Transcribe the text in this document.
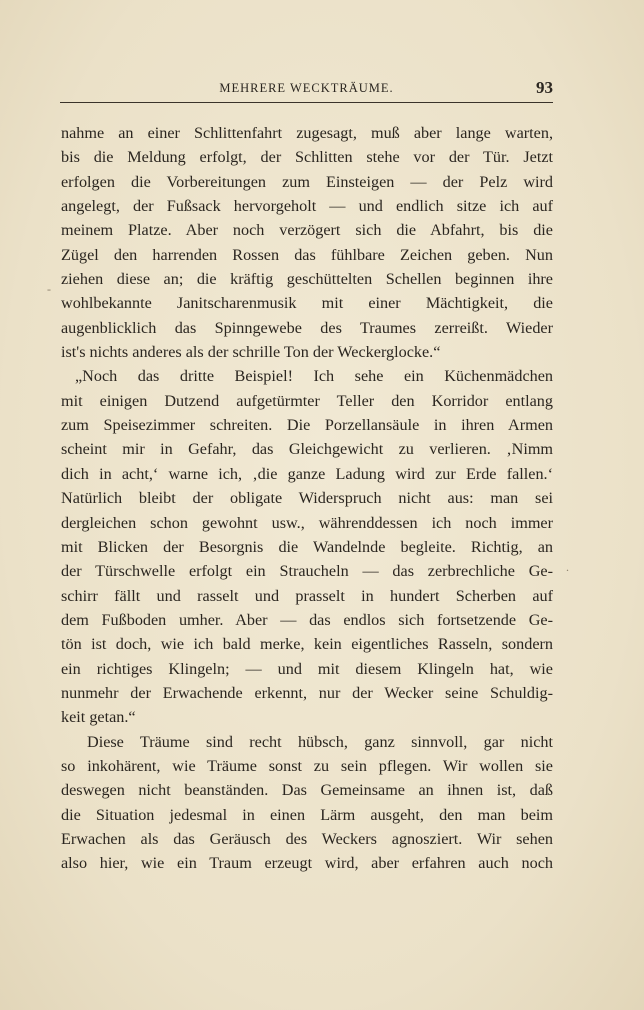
MEHRERE WECKTRÄUME.	93
nahme an einer Schlittenfahrt zugesagt, muß aber lange warten,
bis die Meldung erfolgt, der Schlitten stehe vor der Tür. Jetzt
erfolgen die Vorbereitungen zum Einsteigen — der Pelz wird
angelegt, der Fußsack hervorgeholt — und endlich sitze ich auf
meinem Platze. Aber noch verzögert sich die Abfahrt, bis die
Zügel den harrenden Rossen das fühlbare Zeichen geben. Nun
ziehen diese an; die kräftig geschüttelten Schellen beginnen ihre
wohlbekannte Janitscharenmusik mit einer Mächtigkeit, die
augenblicklich das Spinngewebe des Traumes zerreißt. Wieder
ist's nichts anderes als der schrille Ton der Weckerglocke.“
„Noch das dritte Beispiel! Ich sehe ein Küchenmädchen
mit einigen Dutzend aufgetürmter Teller den Korridor entlang
zum Speisezimmer schreiten. Die Porzellansäule in ihren Armen
scheint mir in Gefahr, das Gleichgewicht zu verlieren. ‚Nimm
dich in acht,‘ warne ich, ‚die ganze Ladung wird zur Erde fallen.‘
Natürlich bleibt der obligate Widerspruch nicht aus: man sei
dergleichen schon gewohnt usw., währenddessen ich noch immer
mit Blicken der Besorgnis die Wandelnde begleite. Richtig, an
der Türschwelle erfolgt ein Straucheln — das zerbrechliche Ge-
schirr fällt und rasselt und prasselt in hundert Scherben auf
dem Fußboden umher. Aber — das endlos sich fortsetzende Ge-
tön ist doch, wie ich bald merke, kein eigentliches Rasseln, sondern
ein richtiges Klingeln; — und mit diesem Klingeln hat, wie
nunmehr der Erwachende erkennt, nur der Wecker seine Schuldig-
keit getan.“
Diese Träume sind recht hübsch, ganz sinnvoll, gar nicht
so inkohärent, wie Träume sonst zu sein pflegen. Wir wollen sie
deswegen nicht beanständen. Das Gemeinsame an ihnen ist, daß
die Situation jedesmal in einen Lärm ausgeht, den man beim
Erwachen als das Geräusch des Weckers agnosziert. Wir sehen
also hier, wie ein Traum erzeugt wird, aber erfahren auch noch
-
.
